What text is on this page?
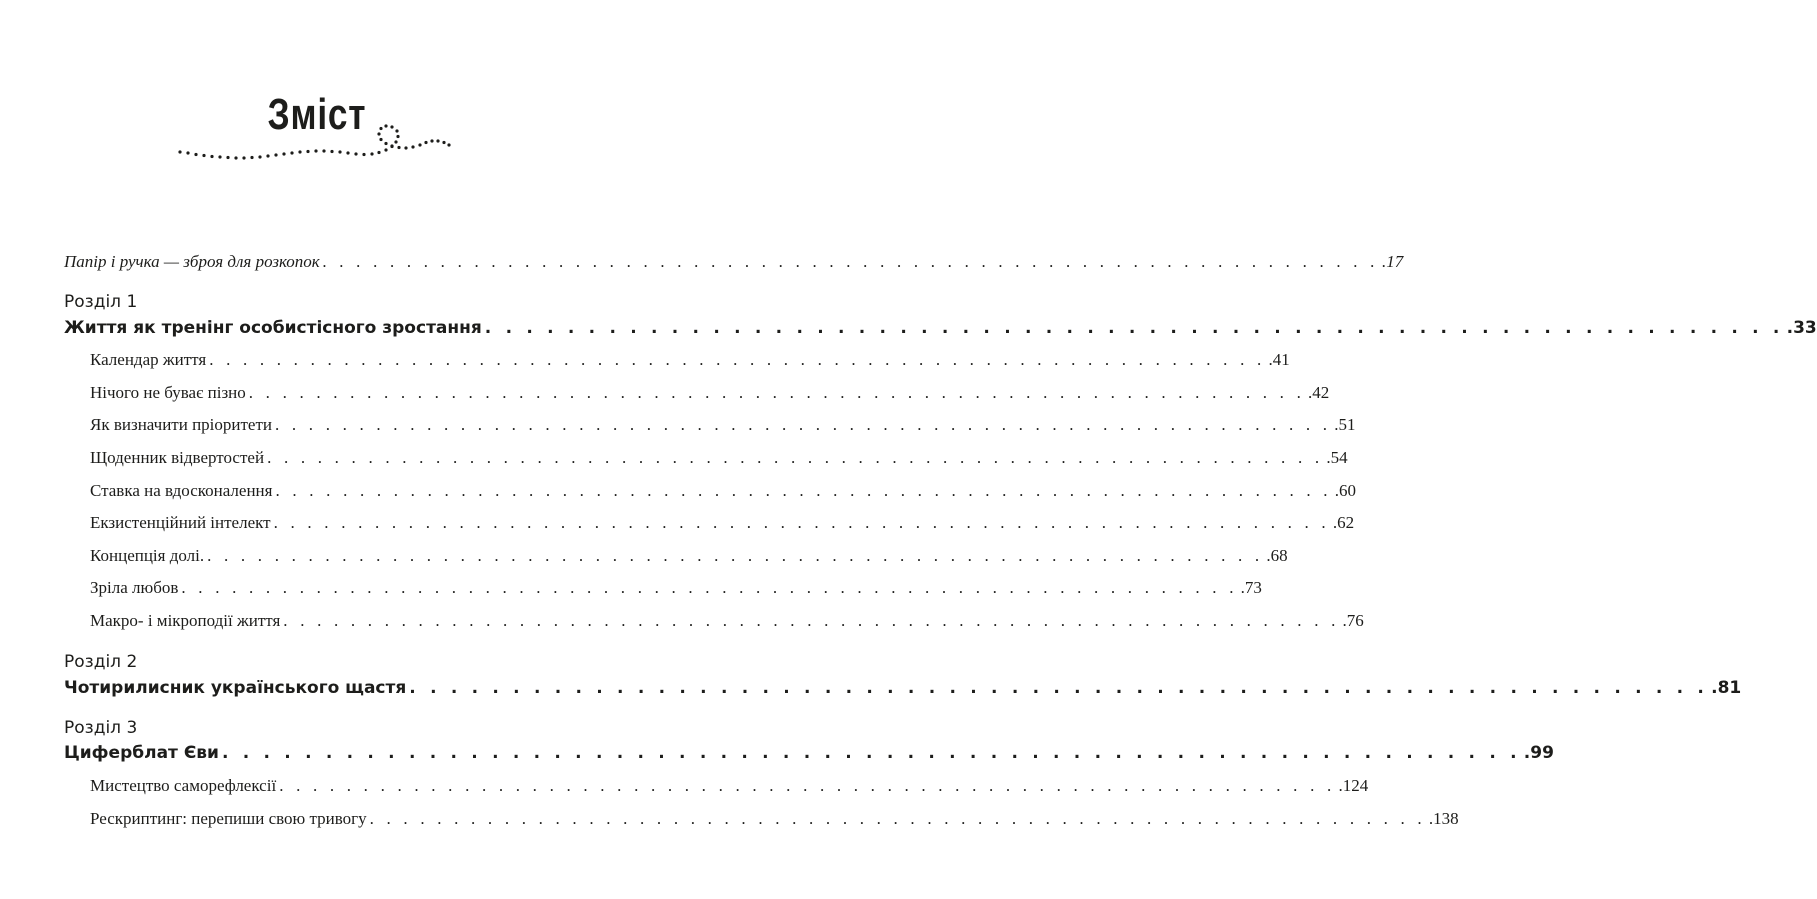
Зміст
Папір і ручка — зброя для розкопок . . . . . . . . . . . . . . . . . . . . . . . . . . . . . . . . . . . . . . . . . . . . . . . . . . . . . . . . . . . . . . . .17
Розділ 1
Життя як тренінг особистісного зростання . . . . . . . . . . . . . . . . . . . . . . . . . . . . . . . . . . . . . . . . . . . . . . . . . . . . . . . . . . . . . . . .33
Календар життя . . . . . . . . . . . . . . . . . . . . . . . . . . . . . . . . . . . . . . . . . . . . . . . . . . . . . . . . . . . . . . . .41
Нічого не буває пізно . . . . . . . . . . . . . . . . . . . . . . . . . . . . . . . . . . . . . . . . . . . . . . . . . . . . . . . . . . . . . . . .42
Як визначити пріоритети . . . . . . . . . . . . . . . . . . . . . . . . . . . . . . . . . . . . . . . . . . . . . . . . . . . . . . . . . . . . . . . .51
Щоденник відвертостей . . . . . . . . . . . . . . . . . . . . . . . . . . . . . . . . . . . . . . . . . . . . . . . . . . . . . . . . . . . . . . . .54
Ставка на вдосконалення . . . . . . . . . . . . . . . . . . . . . . . . . . . . . . . . . . . . . . . . . . . . . . . . . . . . . . . . . . . . . . . .60
Екзистенційний інтелект . . . . . . . . . . . . . . . . . . . . . . . . . . . . . . . . . . . . . . . . . . . . . . . . . . . . . . . . . . . . . . . .62
Концепція долі. . . . . . . . . . . . . . . . . . . . . . . . . . . . . . . . . . . . . . . . . . . . . . . . . . . . . . . . . . . . . . . . .68
Зріла любов . . . . . . . . . . . . . . . . . . . . . . . . . . . . . . . . . . . . . . . . . . . . . . . . . . . . . . . . . . . . . . . .73
Макро- і мікроподії життя . . . . . . . . . . . . . . . . . . . . . . . . . . . . . . . . . . . . . . . . . . . . . . . . . . . . . . . . . . . . . . . .76
Розділ 2
Чотирилисник українського щастя . . . . . . . . . . . . . . . . . . . . . . . . . . . . . . . . . . . . . . . . . . . . . . . . . . . . . . . . . . . . . . . .81
Розділ 3
Циферблат Єви . . . . . . . . . . . . . . . . . . . . . . . . . . . . . . . . . . . . . . . . . . . . . . . . . . . . . . . . . . . . . . . .99
Мистецтво саморефлексії . . . . . . . . . . . . . . . . . . . . . . . . . . . . . . . . . . . . . . . . . . . . . . . . . . . . . . . . . . . . . . . .124
Рескриптинг: перепиши свою тривогу . . . . . . . . . . . . . . . . . . . . . . . . . . . . . . . . . . . . . . . . . . . . . . . . . . . . . . . . . . . . . . . .138
